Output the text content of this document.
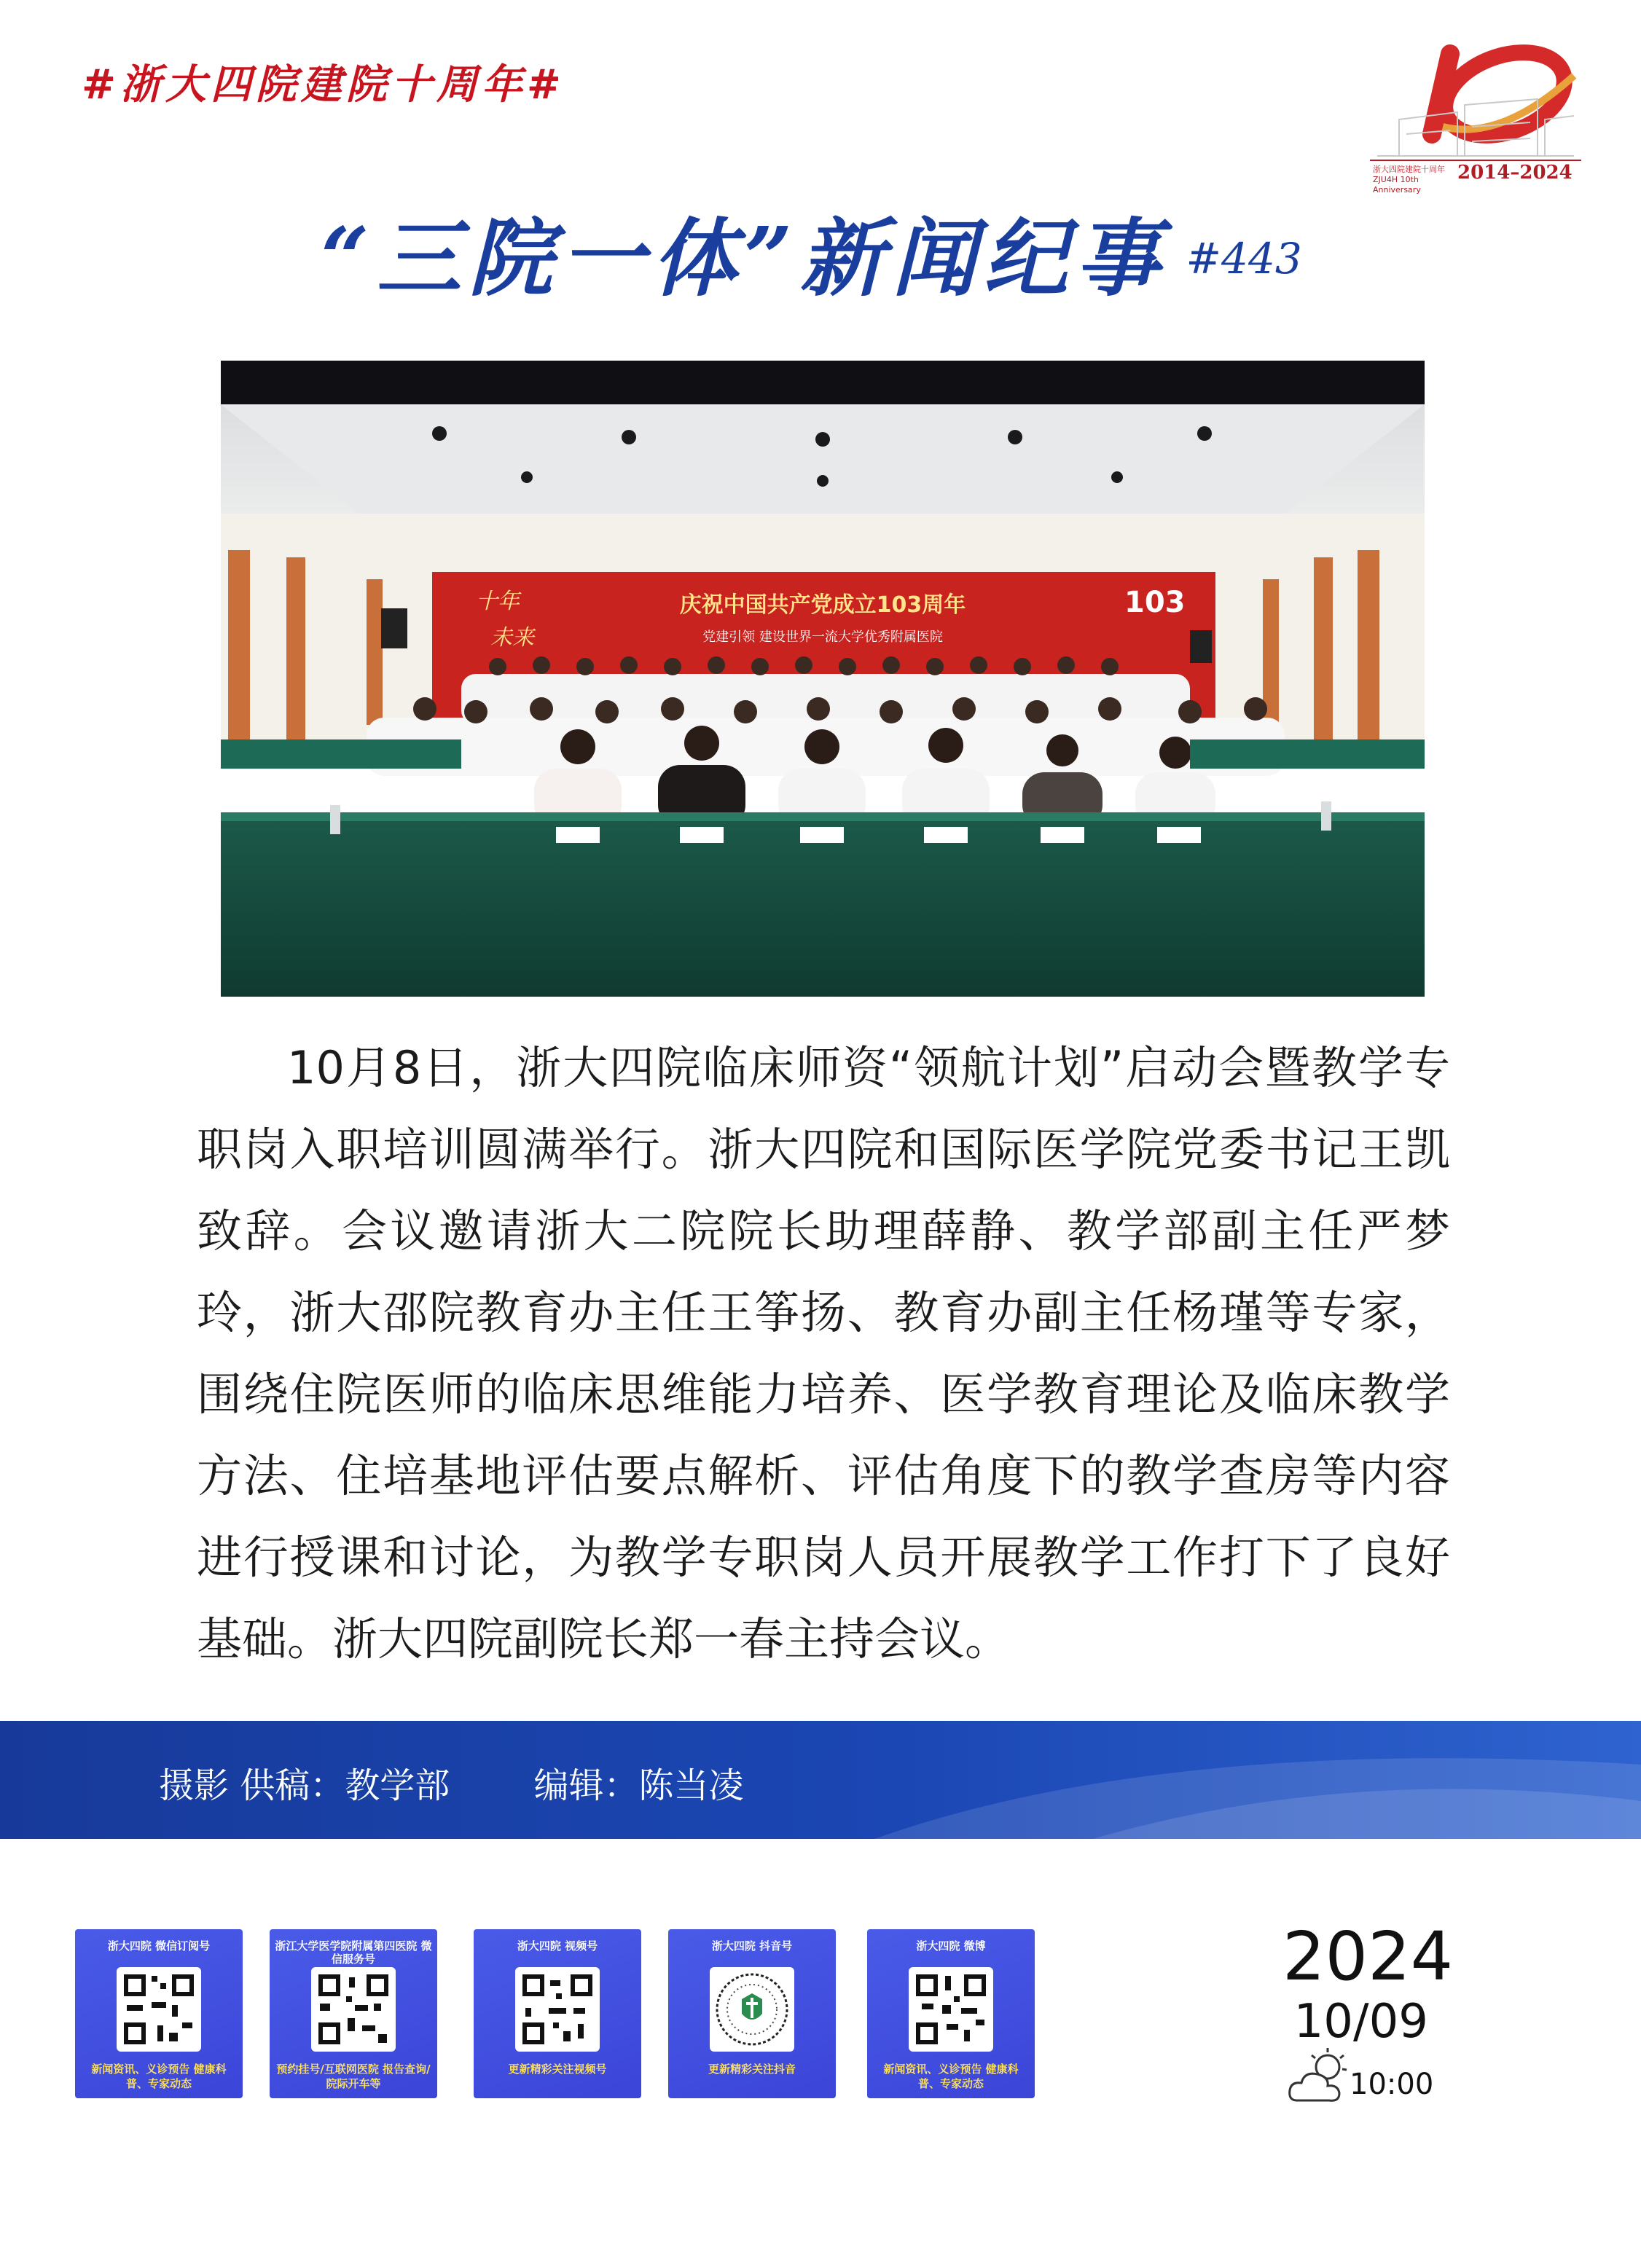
#浙大四院建院十周年#
浙大四院建院十周年 ZJU4H 10th Anniversary
2014–2024
“三院一体”新闻纪事 #443
庆祝中国共产党成立103周年
党建引领 建设世界一流大学优秀附属医院
十年
未来
103
10月8日，浙大四院临床师资“领航计划”启动会暨教学专职岗入职培训圆满举行。浙大四院和国际医学院党委书记王凯致辞。会议邀请浙大二院院长助理薛静、教学部副主任严梦玲，浙大邵院教育办主任王筝扬、教育办副主任杨瑾等专家，围绕住院医师的临床思维能力培养、医学教育理论及临床教学方法、住培基地评估要点解析、评估角度下的教学查房等内容进行授课和讨论，为教学专职岗人员开展教学工作打下了良好基础。浙大四院副院长郑一春主持会议。
摄影 供稿：教学部 编辑：陈当凌
浙大四院 微信订阅号
新闻资讯、义诊预告 健康科普、专家动态
浙江大学医学院附属第四医院 微信服务号
预约挂号/互联网医院 报告查询/院际开车等
浙大四院 视频号
更新精彩关注视频号
浙大四院 抖音号
更新精彩关注抖音
浙大四院 微博
新闻资讯、义诊预告 健康科普、专家动态
2024
10/09
10:00
